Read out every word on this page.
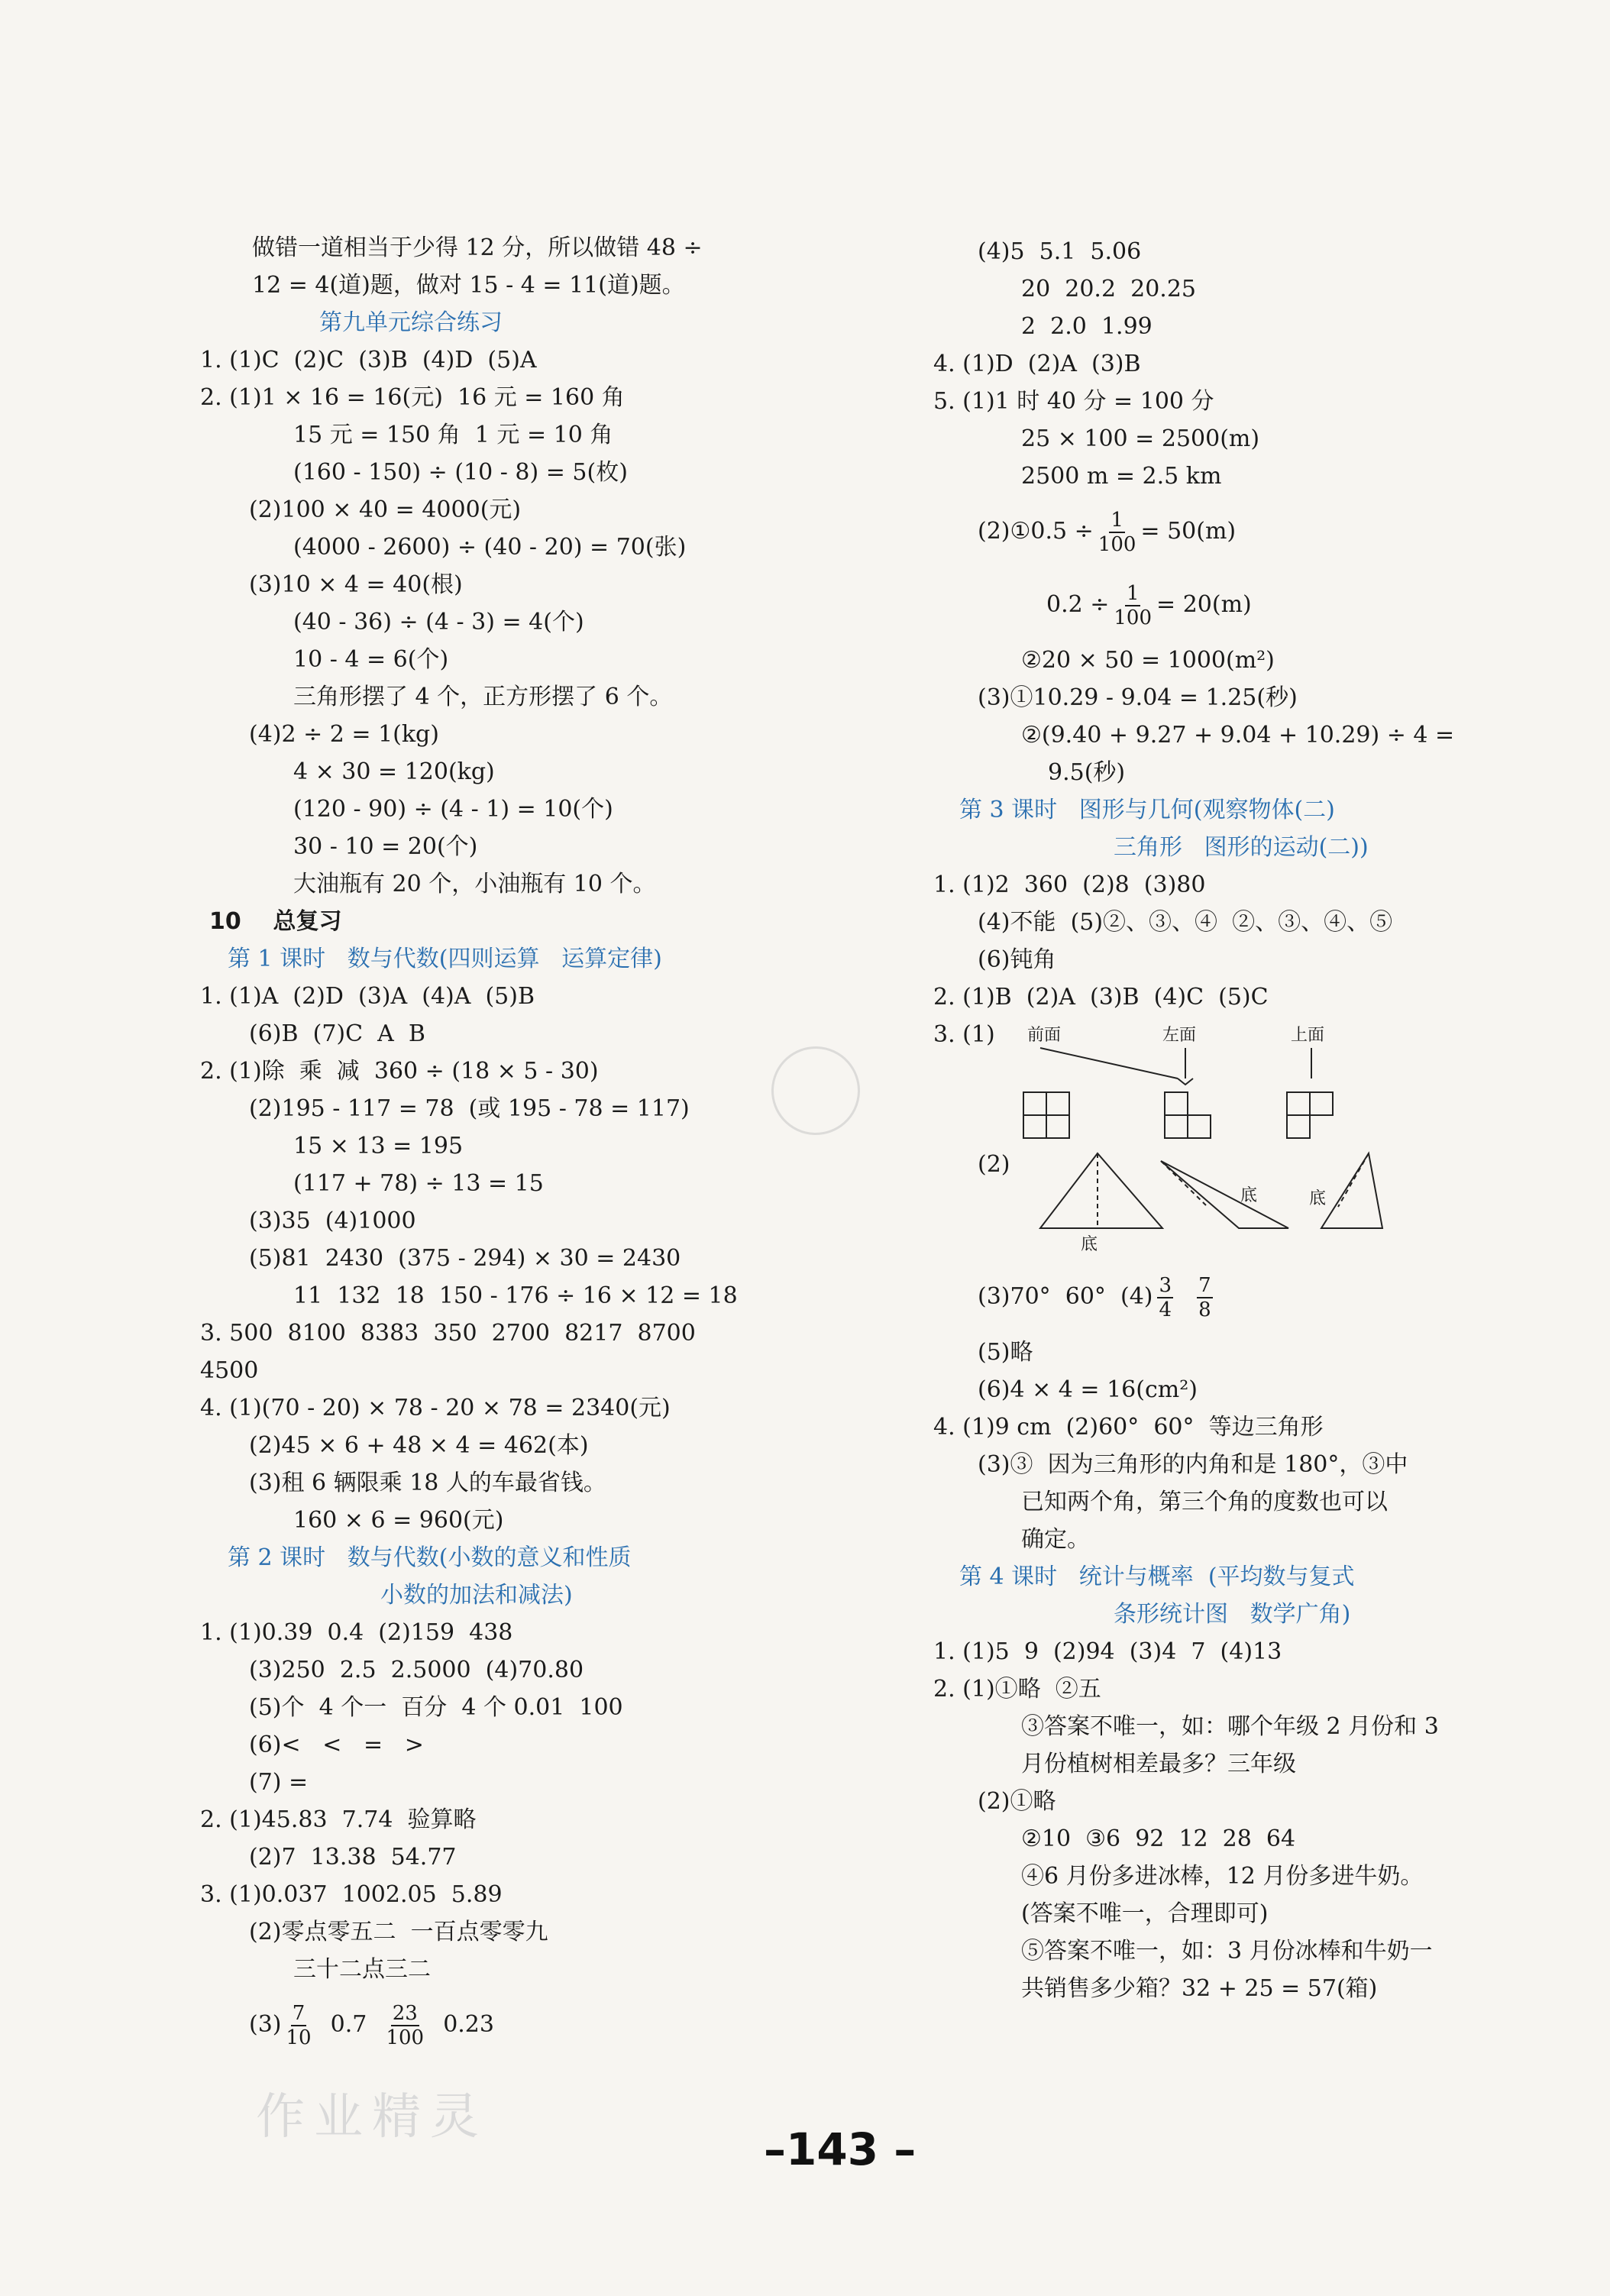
做错一道相当于少得 12 分，所以做错 48 ÷
12 = 4(道)题，做对 15 - 4 = 11(道)题。
第九单元综合练习
1. (1)C  (2)C  (3)B  (4)D  (5)A
2. (1)1 × 16 = 16(元)  16 元 = 160 角
15 元 = 150 角  1 元 = 10 角
(160 - 150) ÷ (10 - 8) = 5(枚)
(2)100 × 40 = 4000(元)
(4000 - 2600) ÷ (40 - 20) = 70(张)
(3)10 × 4 = 40(根)
(40 - 36) ÷ (4 - 3) = 4(个)
10 - 4 = 6(个)
三角形摆了 4 个，正方形摆了 6 个。
(4)2 ÷ 2 = 1(kg)
4 × 30 = 120(kg)
(120 - 90) ÷ (4 - 1) = 10(个)
30 - 10 = 20(个)
大油瓶有 20 个，小油瓶有 10 个。
10    总复习
第 1 课时   数与代数(四则运算   运算定律)
1. (1)A  (2)D  (3)A  (4)A  (5)B
(6)B  (7)C  A  B
2. (1)除  乘  减  360 ÷ (18 × 5 - 30)
(2)195 - 117 = 78  (或 195 - 78 = 117)
15 × 13 = 195
(117 + 78) ÷ 13 = 15
(3)35  (4)1000
(5)81  2430  (375 - 294) × 30 = 2430
11  132  18  150 - 176 ÷ 16 × 12 = 18
3. 500  8100  8383  350  2700  8217  8700
4500
4. (1)(70 - 20) × 78 - 20 × 78 = 2340(元)
(2)45 × 6 + 48 × 4 = 462(本)
(3)租 6 辆限乘 18 人的车最省钱。
160 × 6 = 960(元)
第 2 课时   数与代数(小数的意义和性质
小数的加法和减法)
1. (1)0.39  0.4  (2)159  438
(3)250  2.5  2.5000  (4)70.80
(5)个  4 个一  百分  4 个 0.01  100
(6)<   <   =   >
(7) =
2. (1)45.83  7.74  验算略
(2)7  13.38  54.77
3. (1)0.037  1002.05  5.89
(2)零点零五二  一百点零零九
三十二点三二
$(3) \frac{7}{10} 0.7 \frac{23}{100} 0.23$
(4)5  5.1  5.06
20  20.2  20.25
2  2.0  1.99
4. (1)D  (2)A  (3)B
5. (1)1 时 40 分 = 100 分
25 × 100 = 2500(m)
2500 m = 2.5 km
(2)①0.5 ÷ $\frac{1}{100} = 50(m)$
$0.2 \div \frac{1}{100} = 20(m)$
②20 × 50 = 1000(m²)
(3)①10.29 - 9.04 = 1.25(秒)
②(9.40 + 9.27 + 9.04 + 10.29) ÷ 4 =
9.5(秒)
第 3 课时   图形与几何(观察物体(二)
三角形   图形的运动(二))
1. (1)2  360  (2)8  (3)80
(4)不能  (5)②、③、④  ②、③、④、⑤
(6)钝角
2. (1)B  (2)A  (3)B  (4)C  (5)C
3. (1) 前面	左面	上面
(2)
底
底	底
(3)70°  60°  $(4) \frac{3}{4}$
$\frac{7}{8}$
(5)略
(6)4 × 4 = 16(cm²)
4. (1)9 cm  (2)60°  60°  等边三角形
(3)③  因为三角形的内角和是 180°，③中
已知两个角，第三个角的度数也可以
确定。
第 4 课时   统计与概率  (平均数与复式
条形统计图   数学广角)
1. (1)5  9  (2)94  (3)4  7  (4)13
2. (1)①略  ②五
③答案不唯一，如：哪个年级 2 月份和 3
月份植树相差最多？三年级
(2)①略
②10  ③6  92  12  28  64
④6 月份多进冰棒，12 月份多进牛奶。
(答案不唯一，合理即可)
⑤答案不唯一，如：3 月份冰棒和牛奶一
共销售多少箱？32 + 25 = 57(箱)
作业精灵
–143 –
